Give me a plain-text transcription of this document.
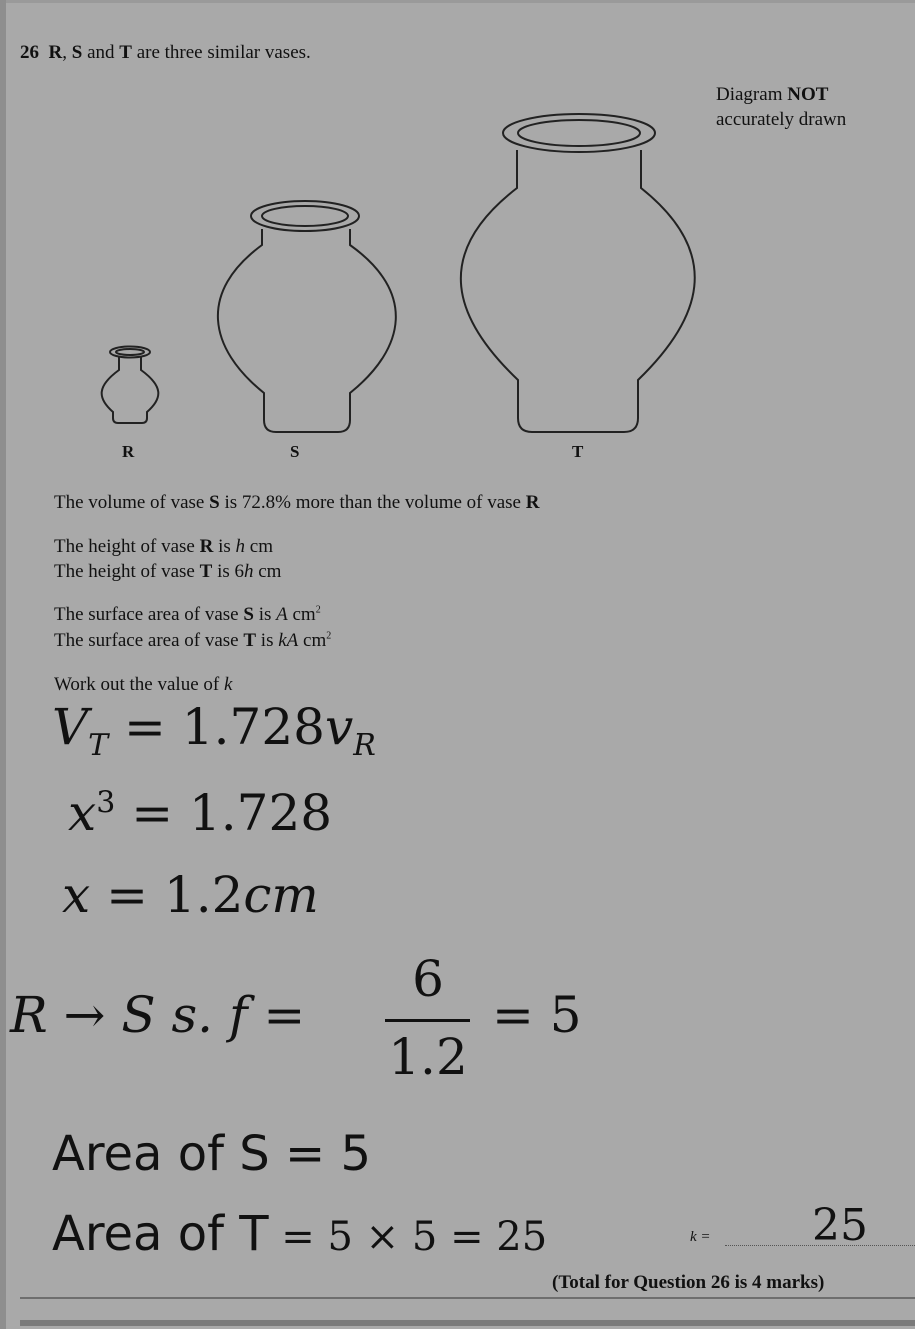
26 R, S and T are three similar vases.
Diagram NOT
accurately drawn
R	S	T
The volume of vase S is 72.8% more than the volume of vase R
The height of vase R is h cm
The height of vase T is 6h cm
The surface area of vase S is A $cm^2$
The surface area of vase T is kA $cm^2$
Work out the value of k
$V_T = 1.728v_R$
$x^3 = 1.728$
x = 1.2cm
R → S s. f =
6
1.2
= 5
Area of S = 5
Area of T = 5 × 5 = 25	k = 25
(Total for Question 26 is 4 marks)
